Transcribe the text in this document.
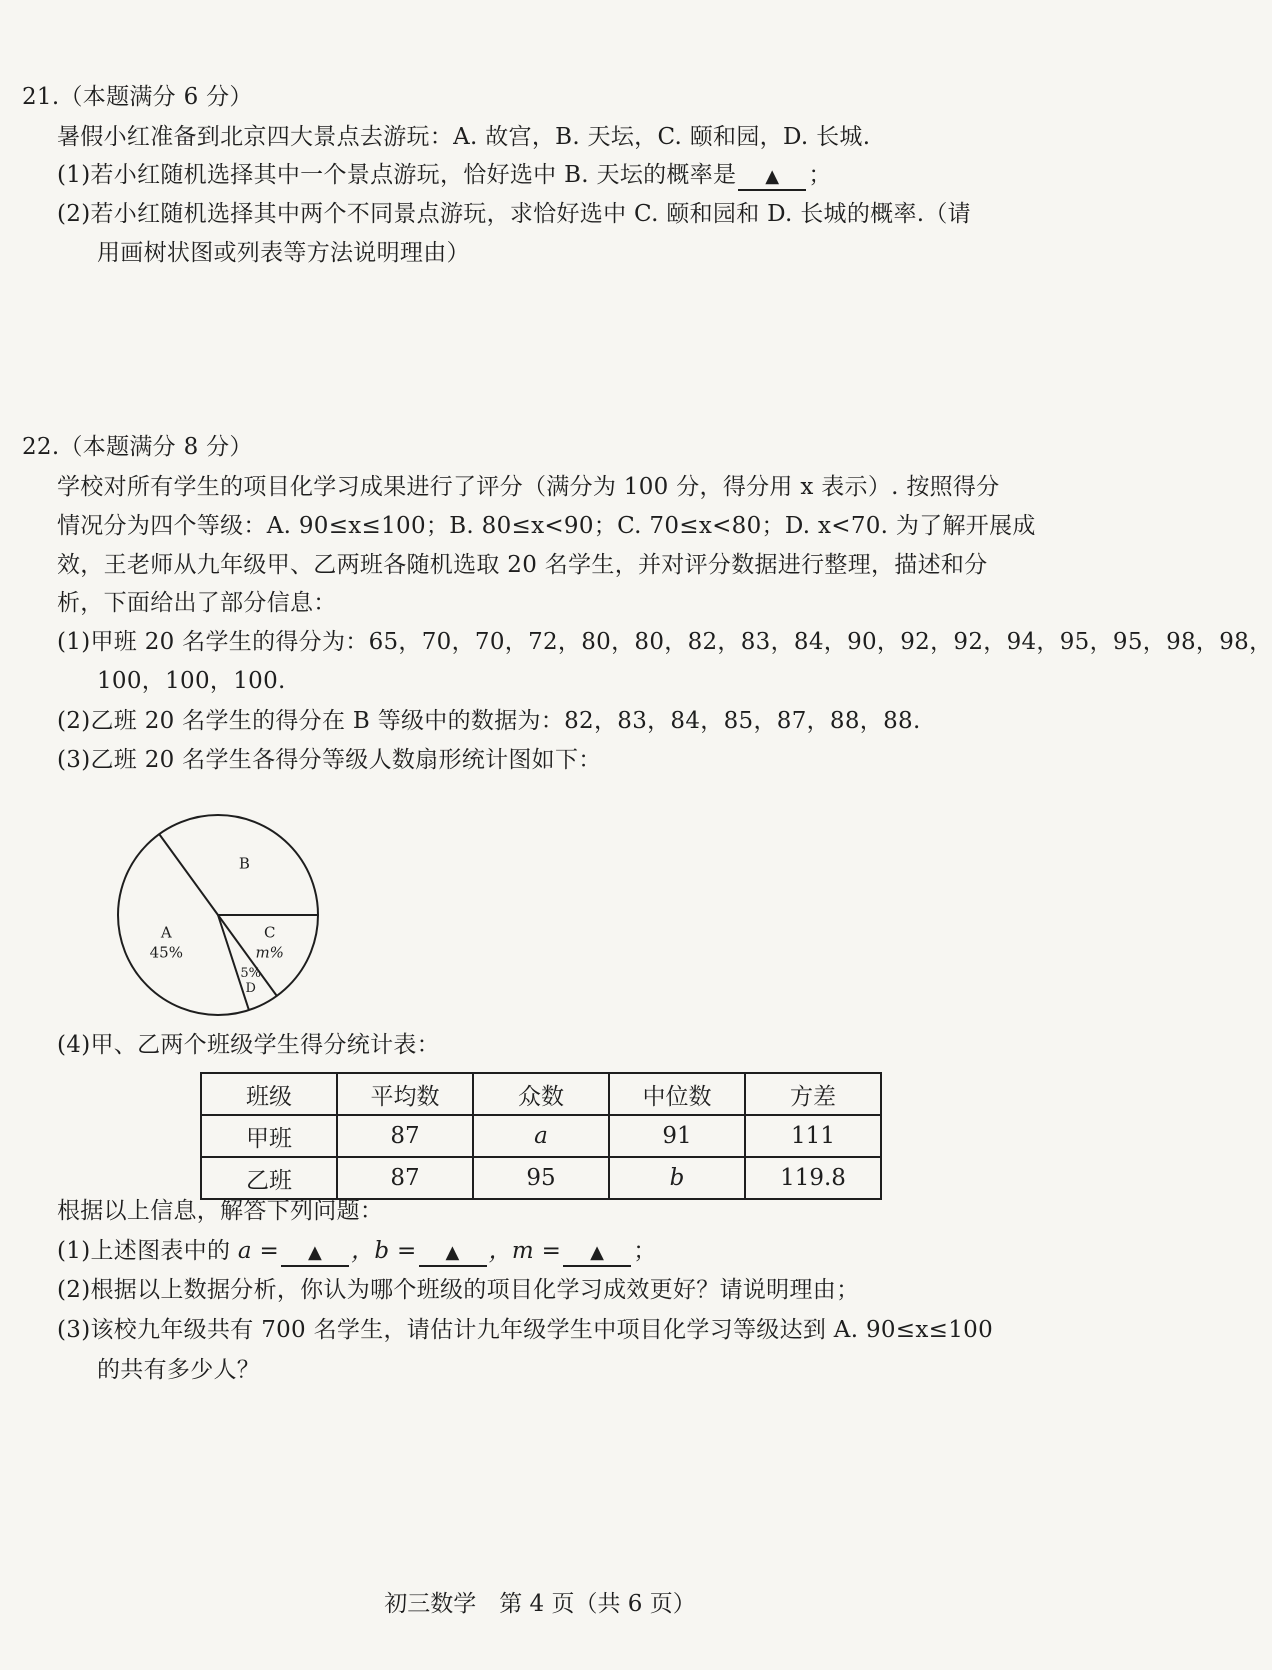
21.（本题满分 6 分）
暑假小红准备到北京四大景点去游玩：A. 故宫，B. 天坛，C. 颐和园，D. 长城.
(1)若小红随机选择其中一个景点游玩，恰好选中 B. 天坛的概率是 ▲ ；
(2)若小红随机选择其中两个不同景点游玩，求恰好选中 C. 颐和园和 D. 长城的概率.（请
用画树状图或列表等方法说明理由）
22.（本题满分 8 分）
学校对所有学生的项目化学习成果进行了评分（满分为 100 分，得分用 x 表示）. 按照得分
情况分为四个等级：A. 90≤x≤100；B. 80≤x<90；C. 70≤x<80；D. x<70. 为了解开展成
效，王老师从九年级甲、乙两班各随机选取 20 名学生，并对评分数据进行整理，描述和分
析，下面给出了部分信息：
(1)甲班 20 名学生的得分为：65，70，70，72，80，80，82，83，84，90，92，92，94，95，95，98，98，
100，100，100.
(2)乙班 20 名学生的得分在 B 等级中的数据为：82，83，84，85，87，88，88.
(3)乙班 20 名学生各得分等级人数扇形统计图如下：
A
45%
B
C
m%
5%
D
(4)甲、乙两个班级学生得分统计表：
班级	平均数	众数	中位数	方差
甲班	87	a	91	111
乙班	87	95	b	119.8
根据以上信息，解答下列问题：
(1)上述图表中的 a = ▲ ，b = ▲ ，m = ▲ ；
(2)根据以上数据分析，你认为哪个班级的项目化学习成效更好？请说明理由；
(3)该校九年级共有 700 名学生，请估计九年级学生中项目化学习等级达到 A. 90≤x≤100
的共有多少人？
初三数学　第 4 页（共 6 页）
